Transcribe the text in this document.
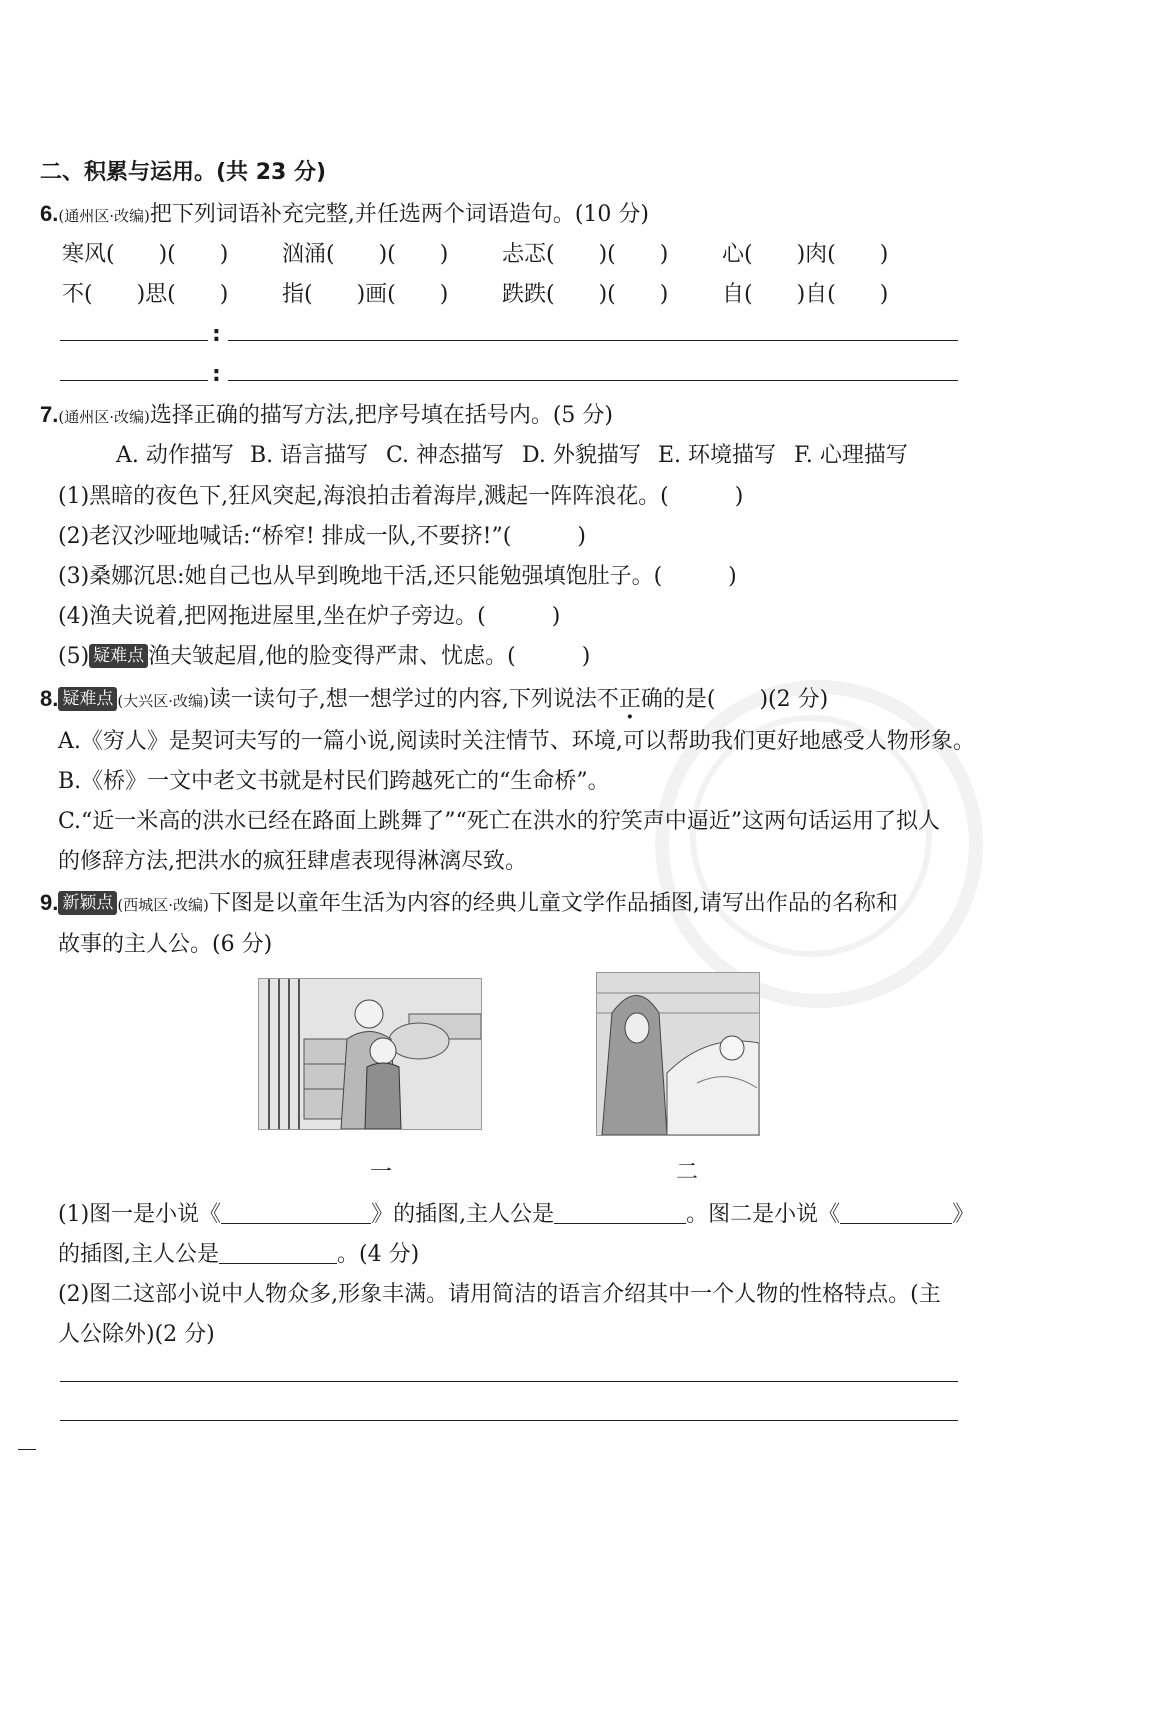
二、积累与运用。(共 23 分)
6.(通州区·改编)把下列词语补充完整,并任选两个词语造句。(10 分)
寒风(　　)(　　) 汹涌(　　)(　　) 忐忑(　　)(　　) 心(　　)肉(　　)
不(　　)思(　　) 指(　　)画(　　) 跌跌(　　)(　　) 自(　　)自(　　)
:
:
7.(通州区·改编)选择正确的描写方法,把序号填在括号内。(5 分)
A. 动作描写 B. 语言描写 C. 神态描写 D. 外貌描写 E. 环境描写 F. 心理描写
(1)黑暗的夜色下,狂风突起,海浪拍击着海岸,溅起一阵阵浪花。(　　　)
(2)老汉沙哑地喊话:“桥窄! 排成一队,不要挤!”(　　　)
(3)桑娜沉思:她自己也从早到晚地干活,还只能勉强填饱肚子。(　　　)
(4)渔夫说着,把网拖进屋里,坐在炉子旁边。(　　　)
(5) 疑难点 渔夫皱起眉,他的脸变得严肃、忧虑。(　　　)
8. 疑难点 (大兴区·改编)读一读句子,想一想学过的内容,下列说法不正确的是(　　)(2 分)
A.《穷人》是契诃夫写的一篇小说,阅读时关注情节、环境,可以帮助我们更好地感受人物形象。
B.《桥》一文中老文书就是村民们跨越死亡的“生命桥”。
C.“近一米高的洪水已经在路面上跳舞了”“死亡在洪水的狞笑声中逼近”这两句话运用了拟人
的修辞方法,把洪水的疯狂肆虐表现得淋漓尽致。
9. 新颖点 (西城区·改编)下图是以童年生活为内容的经典儿童文学作品插图,请写出作品的名称和
故事的主人公。(6 分)
一	二
(1)图一是小说《	》的插图,主人公是	。图二是小说《	》
的插图,主人公是	。(4 分)
(2)图二这部小说中人物众多,形象丰满。请用简洁的语言介绍其中一个人物的性格特点。(主
人公除外)(2 分)
